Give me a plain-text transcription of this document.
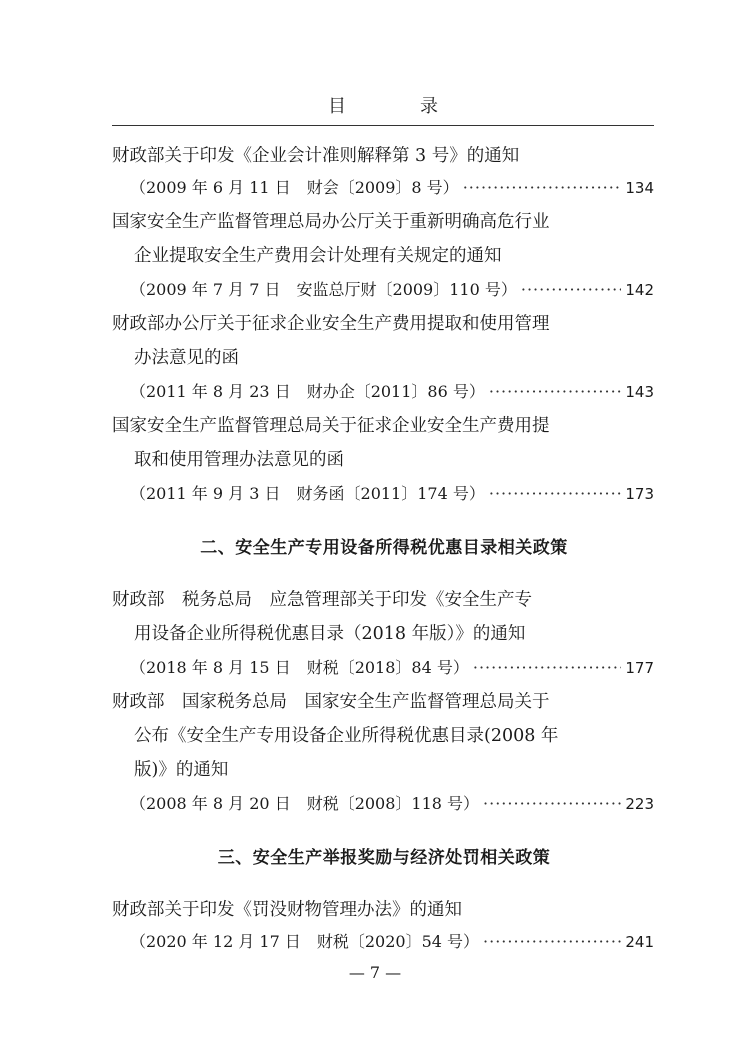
目　录
财政部关于印发《企业会计准则解释第 3 号》的通知
（2009 年 6 月 11 日　财会〔2009〕8 号） ·····	134
国家安全生产监督管理总局办公厅关于重新明确高危行业
企业提取安全生产费用会计处理有关规定的通知
（2009 年 7 月 7 日　安监总厅财〔2009〕110 号） ·····	142
财政部办公厅关于征求企业安全生产费用提取和使用管理
办法意见的函
（2011 年 8 月 23 日　财办企〔2011〕86 号） ·····	143
国家安全生产监督管理总局关于征求企业安全生产费用提
取和使用管理办法意见的函
（2011 年 9 月 3 日　财务函〔2011〕174 号） ·····	173
二、安全生产专用设备所得税优惠目录相关政策
财政部　税务总局　应急管理部关于印发《安全生产专
用设备企业所得税优惠目录（2018 年版）》的通知
（2018 年 8 月 15 日　财税〔2018〕84 号） ·····	177
财政部　国家税务总局　国家安全生产监督管理总局关于
公布《安全生产专用设备企业所得税优惠目录(2008 年
版)》的通知
（2008 年 8 月 20 日　财税〔2008〕118 号） ·····	223
三、安全生产举报奖励与经济处罚相关政策
财政部关于印发《罚没财物管理办法》的通知
（2020 年 12 月 17 日　财税〔2020〕54 号） ·····	241
— 7 —
